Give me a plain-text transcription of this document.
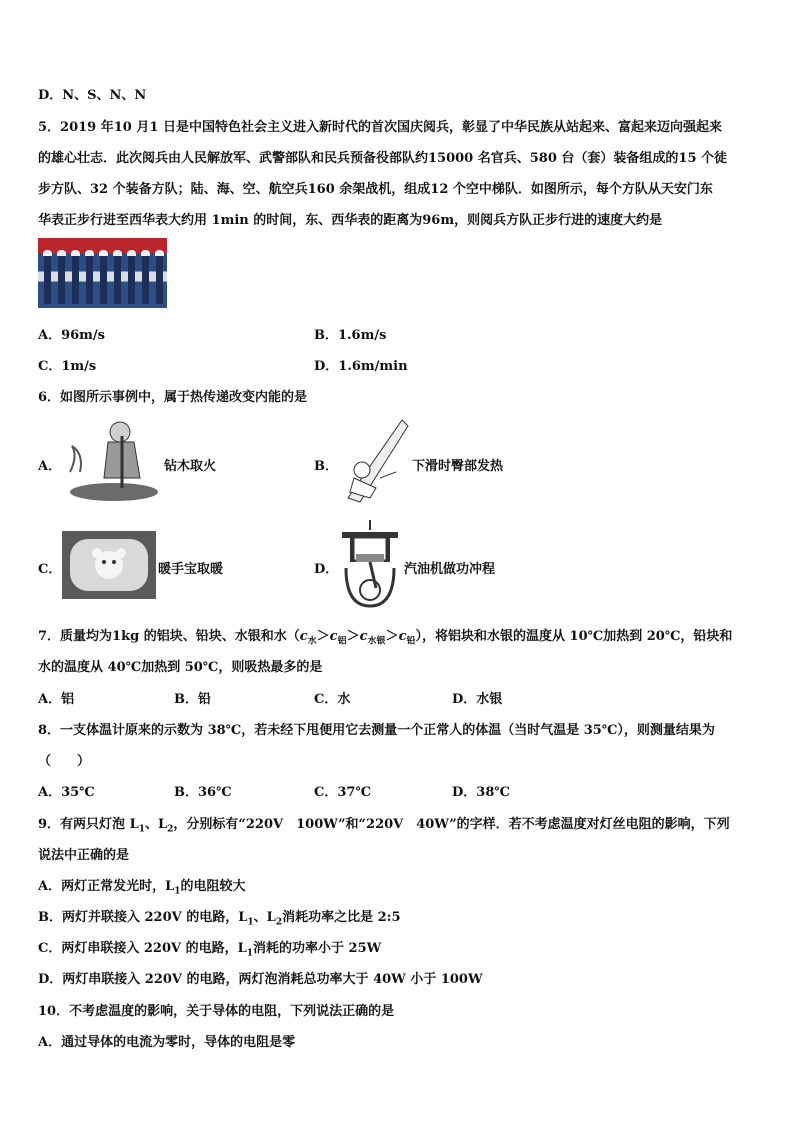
D．N、S、N、N
5．2019 年10 月1 日是中国特色社会主义进入新时代的首次国庆阅兵，彰显了中华民族从站起来、富起来迈向强起来
的雄心壮志．此次阅兵由人民解放军、武警部队和民兵预备役部队约15000 名官兵、580 台（套）装备组成的15 个徒
步方队、32 个装备方队；陆、海、空、航空兵160 余架战机，组成12 个空中梯队．如图所示，每个方队从天安门东
华表正步行进至西华表大约用 1min 的时间，东、西华表的距离为96m，则阅兵方队正步行进的速度大约是
A．96m/s	B．1.6m/s
C．1m/s	D．1.6m/min
6．如图所示事例中，属于热传递改变内能的是
A．	钻木取火	B．	下滑时臀部发热
C．	暖手宝取暖	D．	汽油机做功冲程
7．质量均为1kg 的铝块、铅块、水银和水$(c_水>c_铝>c_{水银}>c_铅)$，将铝块和水银的温度从 10℃加热到 20℃，铅块和
水的温度从 40℃加热到 50℃，则吸热最多的是
A．铝	B．铅	C．水	D．水银
8．一支体温计原来的示数为 38℃，若未经下甩便用它去测量一个正常人的体温（当时气温是 35℃），则测量结果为
（　　）
A．35℃	B．36℃	C．37℃	D．38℃
9．有两只灯泡 $L_1$、$L_2$，分别标有“220V　100W”和“220V　40W”的字样．若不考虑温度对灯丝电阻的影响，下列
说法中正确的是
A．两灯正常发光时，$L_1$的电阻较大
B．两灯并联接入 220V 的电路，$L_1$、$L_2$消耗功率之比是 2:5
C．两灯串联接入 220V 的电路，$L_1$消耗的功率小于 25W
D．两灯串联接入 220V 的电路，两灯泡消耗总功率大于 40W 小于 100W
10．不考虑温度的影响，关于导体的电阻，下列说法正确的是
A．通过导体的电流为零时，导体的电阻是零
